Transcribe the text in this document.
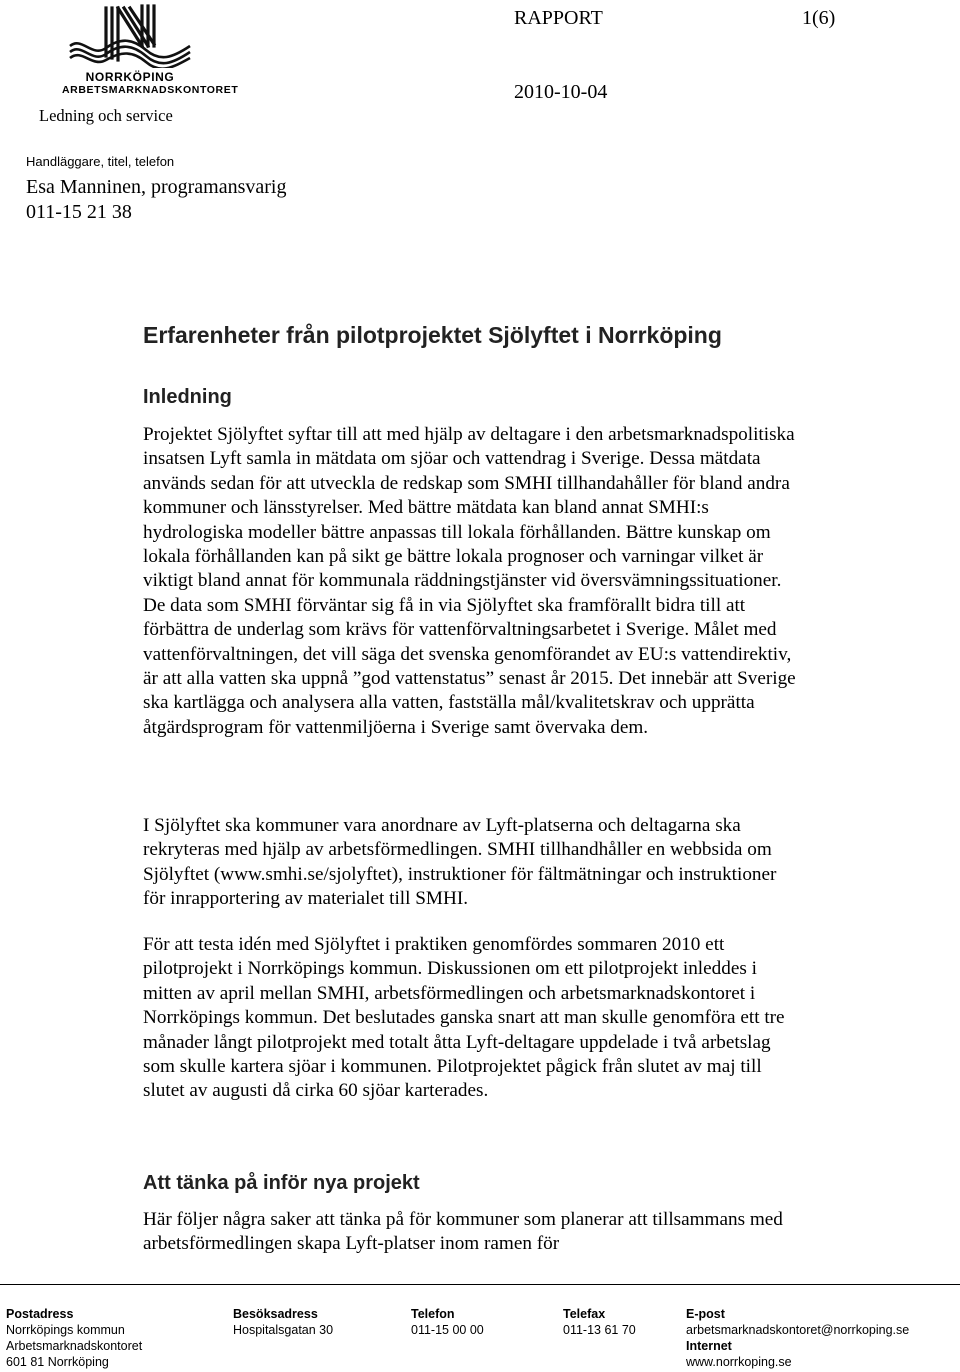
NORRKÖPING
ARBETSMARKNADSKONTORET
Ledning och service
RAPPORT	1(6)
2010-10-04
Handläggare, titel, telefon
Esa Manninen, programansvarig
011-15 21 38
Erfarenheter från pilotprojektet Sjölyftet i Norrköping
Inledning

Projektet Sjölyftet syftar till att med hjälp av deltagare i den arbetsmarknadspolitiska insatsen Lyft samla in mätdata om sjöar och vattendrag i Sverige. Dessa mätdata används sedan för att utveckla de redskap som SMHI tillhandahåller för bland andra kommuner och länsstyrelser. Med bättre mätdata kan bland annat SMHI:s hydrologiska modeller bättre anpassas till lokala förhållanden. Bättre kunskap om lokala förhållanden kan på sikt ge bättre lokala prognoser och varningar vilket är viktigt bland annat för kommunala räddningstjänster vid översvämningssituationer. De data som SMHI förväntar sig få in via Sjölyftet ska framförallt bidra till att förbättra de underlag som krävs för vattenförvaltningsarbetet i Sverige. Målet med vattenförvaltningen, det vill säga det svenska genomförandet av EU:s vattendirektiv, är att alla vatten ska uppnå ”god vattenstatus” senast år 2015. Det innebär att Sverige ska kartlägga och analysera alla vatten, fastställa mål/kvalitetskrav och upprätta åtgärdsprogram för vattenmiljöerna i Sverige samt övervaka dem.

I Sjölyftet ska kommuner vara anordnare av Lyft-platserna och deltagarna ska rekryteras med hjälp av arbetsförmedlingen. SMHI tillhandhåller en webbsida om Sjölyftet (www.smhi.se/sjolyftet), instruktioner för fältmätningar och instruktioner för inrapportering av materialet till SMHI.

För att testa idén med Sjölyftet i praktiken genomfördes sommaren 2010 ett pilotprojekt i Norrköpings kommun. Diskussionen om ett pilotprojekt inleddes i mitten av april mellan SMHI, arbetsförmedlingen och arbetsmarknadskontoret i Norrköpings kommun. Det beslutades ganska snart att man skulle genomföra ett tre månader långt pilotprojekt med totalt åtta Lyft-deltagare uppdelade i två arbetslag som skulle kartera sjöar i kommunen. Pilotprojektet pågick från slutet av maj till slutet av augusti då cirka 60 sjöar karterades.

Att tänka på inför nya projekt

Här följer några saker att tänka på för kommuner som planerar att tillsammans med arbetsförmedlingen skapa Lyft-platser inom ramen för

Postadress
Norrköpings kommun
Arbetsmarknadskontoret
601 81 Norrköping
Besöksadress
Hospitalsgatan 30
Telefon
011-15 00 00
Telefax
011-13 61 70
E-post
arbetsmarknadskontoret@norrkoping.se
Internet
www.norrkoping.se
